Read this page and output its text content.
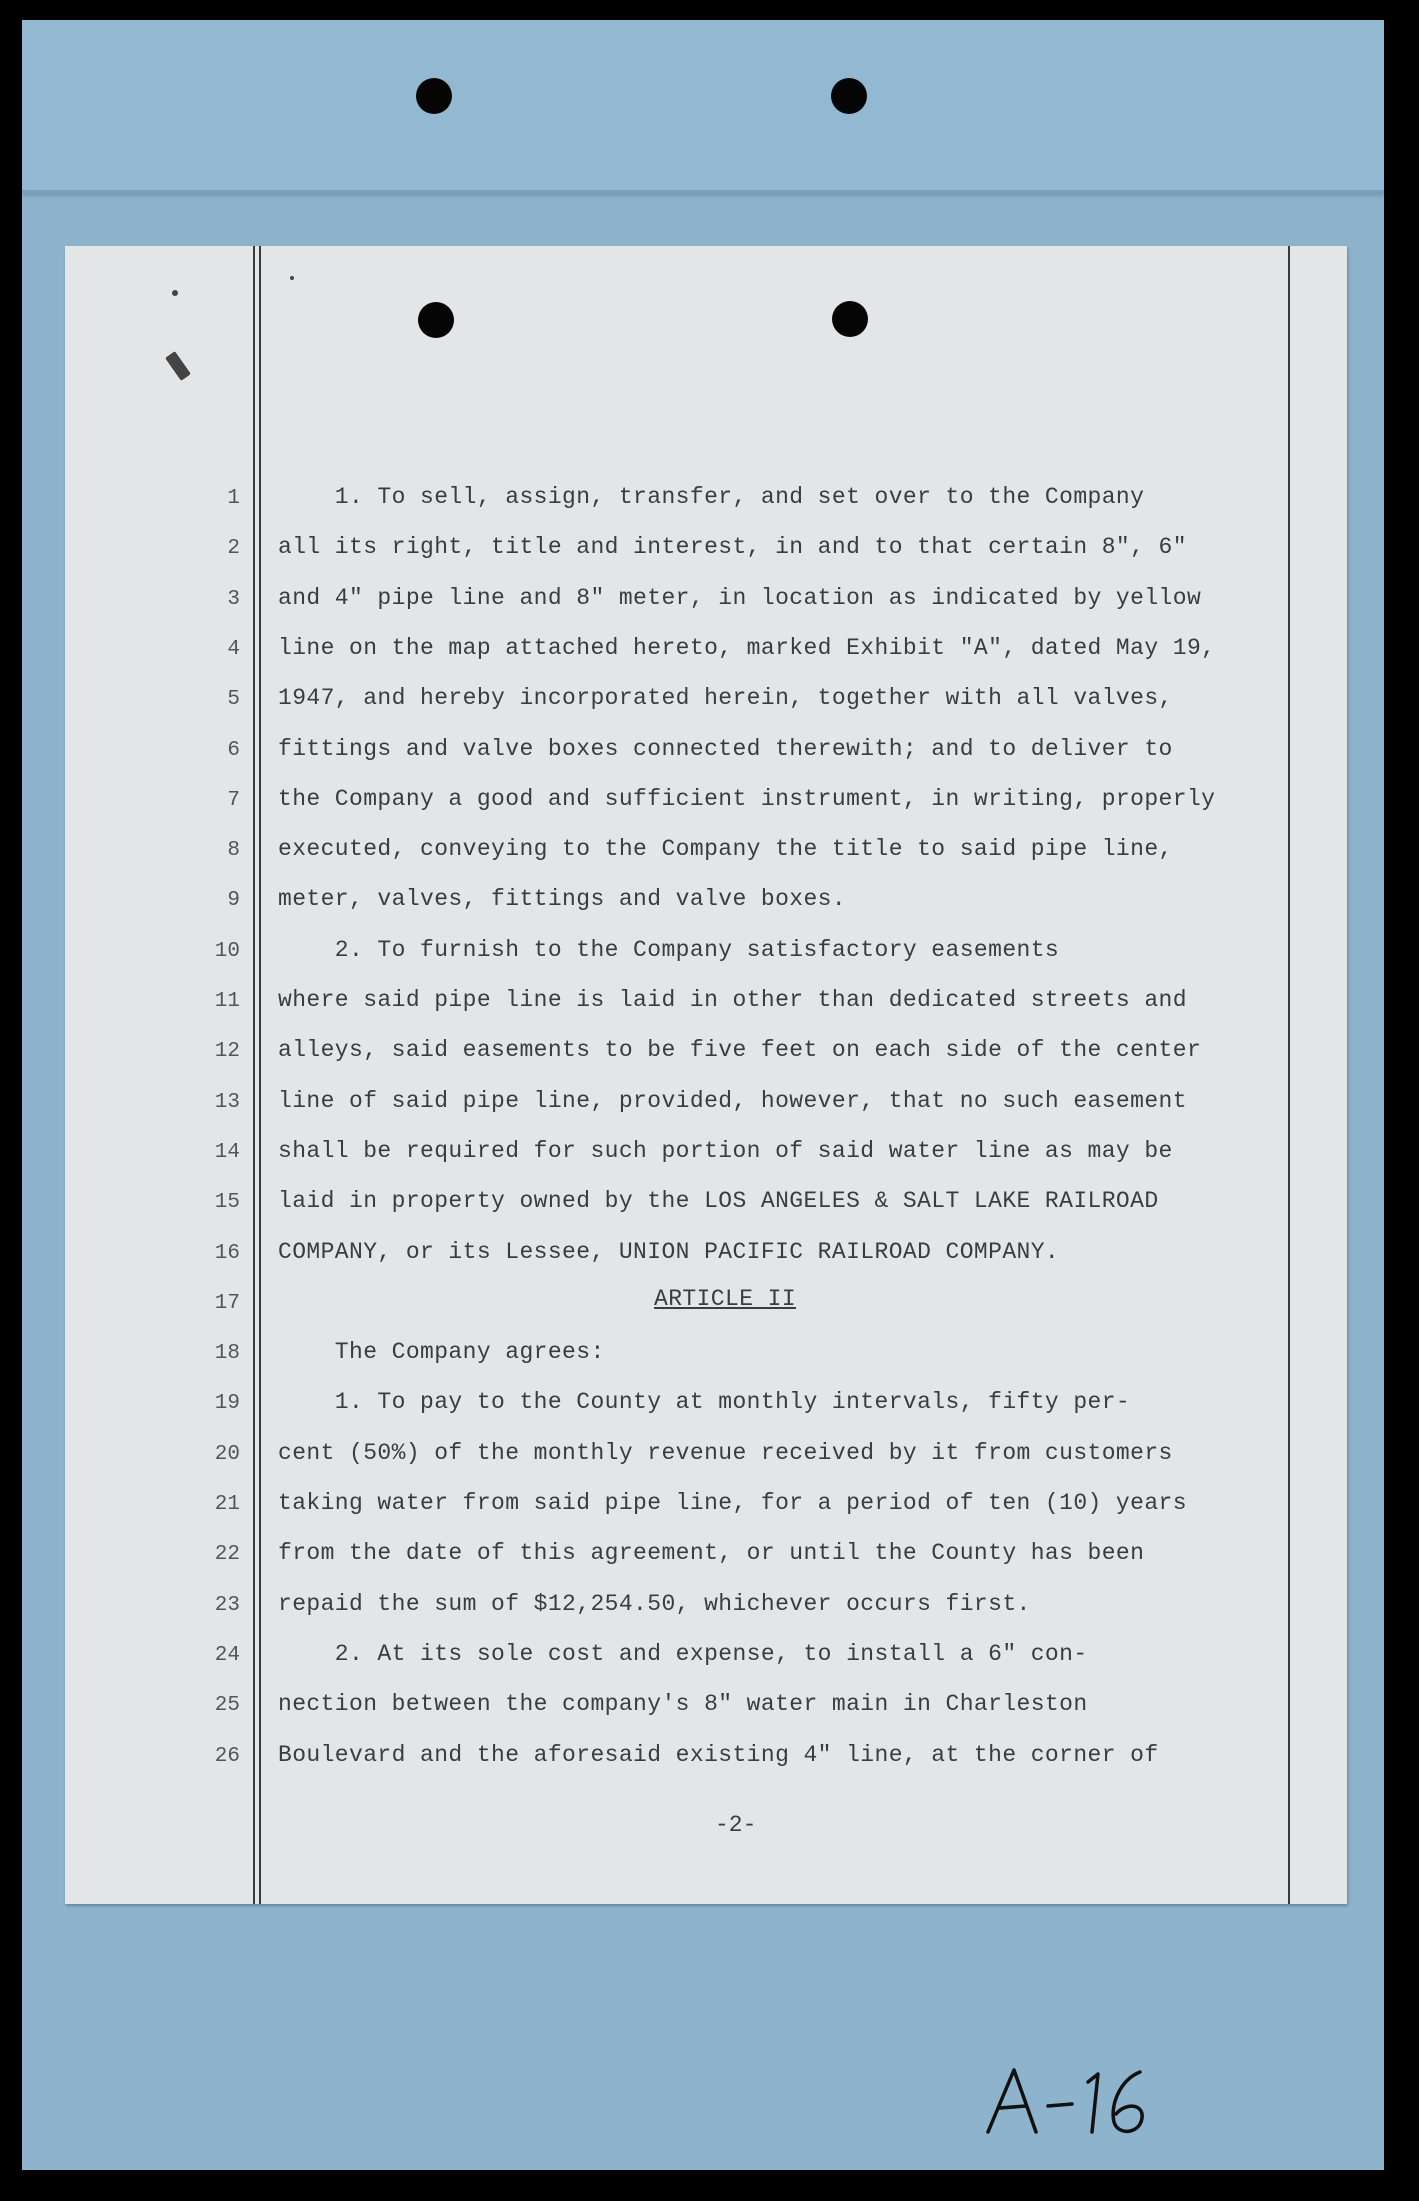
1
2
3
4
5
6
7
8
9
10
11
12
13
14
15
16
17
18
19
20
21
22
23
24
25
26
1. To sell, assign, transfer, and set over to the Company
all its right, title and interest, in and to that certain 8", 6"
and 4" pipe line and 8" meter, in location as indicated by yellow
line on the map attached hereto, marked Exhibit "A", dated May 19,
1947, and hereby incorporated herein, together with all valves,
fittings and valve boxes connected therewith; and to deliver to
the Company a good and sufficient instrument, in writing, properly
executed, conveying to the Company the title to said pipe line,
meter, valves, fittings and valve boxes.
2. To furnish to the Company satisfactory easements
where said pipe line is laid in other than dedicated streets and
alleys, said easements to be five feet on each side of the center
line of said pipe line, provided, however, that no such easement
shall be required for such portion of said water line as may be
laid in property owned by the LOS ANGELES & SALT LAKE RAILROAD
COMPANY, or its Lessee, UNION PACIFIC RAILROAD COMPANY.
The Company agrees:
1. To pay to the County at monthly intervals, fifty per-
cent (50%) of the monthly revenue received by it from customers
taking water from said pipe line, for a period of ten (10) years
from the date of this agreement, or until the County has been
repaid the sum of $12,254.50, whichever occurs first.
2. At its sole cost and expense, to install a 6" con-
nection between the company's 8" water main in Charleston
Boulevard and the aforesaid existing 4" line, at the corner of
ARTICLE II
-2-
